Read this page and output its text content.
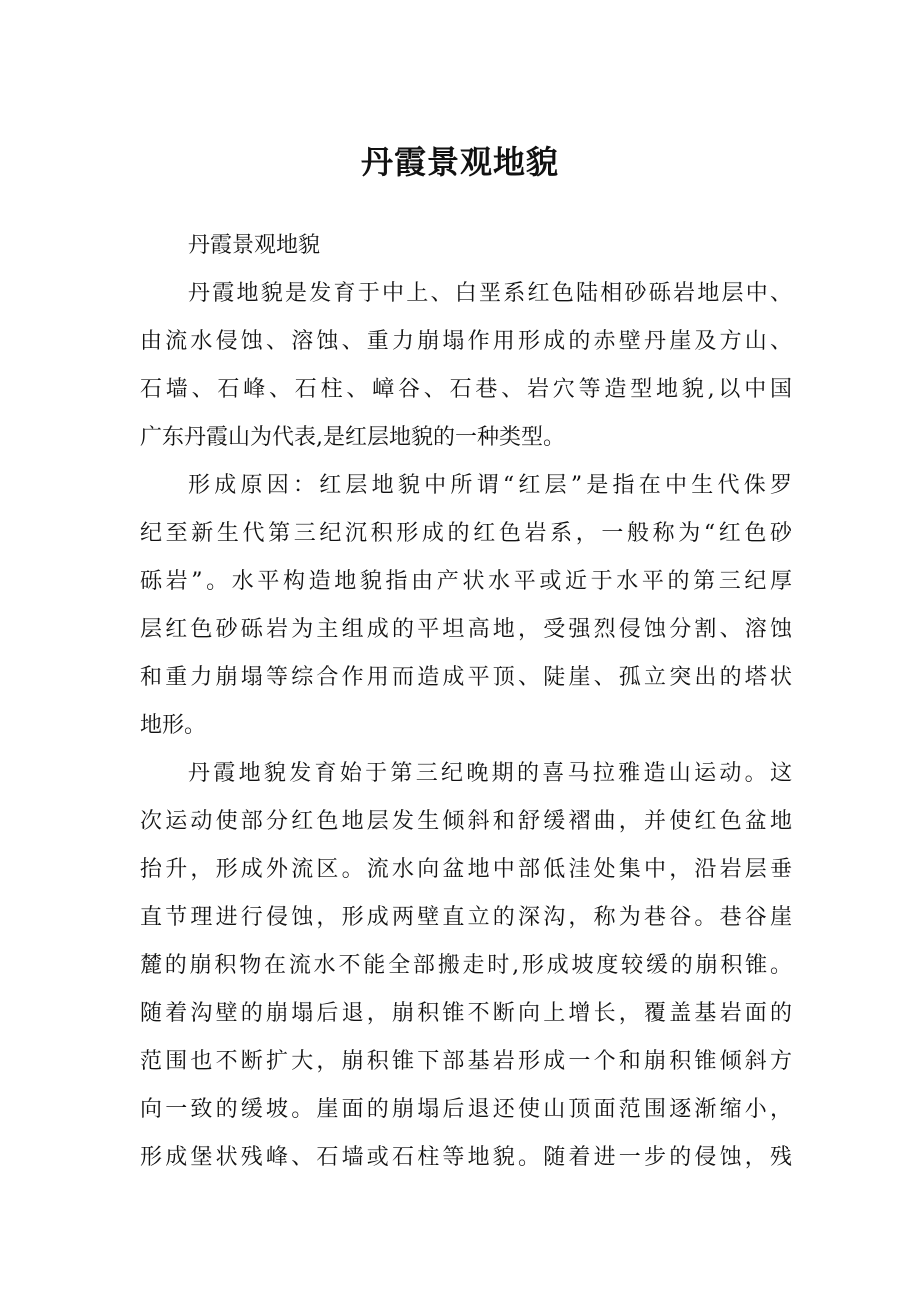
丹霞景观地貌
丹霞景观地貌
丹霞地貌是发育于中上、白垩系红色陆相砂砾岩地层中、
由流水侵蚀、溶蚀、重力崩塌作用形成的赤壁丹崖及方山、
石墙、石峰、石柱、嶂谷、石巷、岩穴等造型地貌,以中国
广东丹霞山为代表,是红层地貌的一种类型。
形成原因：红层地貌中所谓“红层”是指在中生代侏罗
纪至新生代第三纪沉积形成的红色岩系，一般称为“红色砂
砾岩”。水平构造地貌指由产状水平或近于水平的第三纪厚
层红色砂砾岩为主组成的平坦高地，受强烈侵蚀分割、溶蚀
和重力崩塌等综合作用而造成平顶、陡崖、孤立突出的塔状
地形。
丹霞地貌发育始于第三纪晚期的喜马拉雅造山运动。这
次运动使部分红色地层发生倾斜和舒缓褶曲，并使红色盆地
抬升，形成外流区。流水向盆地中部低洼处集中，沿岩层垂
直节理进行侵蚀，形成两壁直立的深沟，称为巷谷。巷谷崖
麓的崩积物在流水不能全部搬走时,形成坡度较缓的崩积锥。
随着沟壁的崩塌后退，崩积锥不断向上增长，覆盖基岩面的
范围也不断扩大，崩积锥下部基岩形成一个和崩积锥倾斜方
向一致的缓坡。崖面的崩塌后退还使山顶面范围逐渐缩小，
形成堡状残峰、石墙或石柱等地貌。随着进一步的侵蚀，残
